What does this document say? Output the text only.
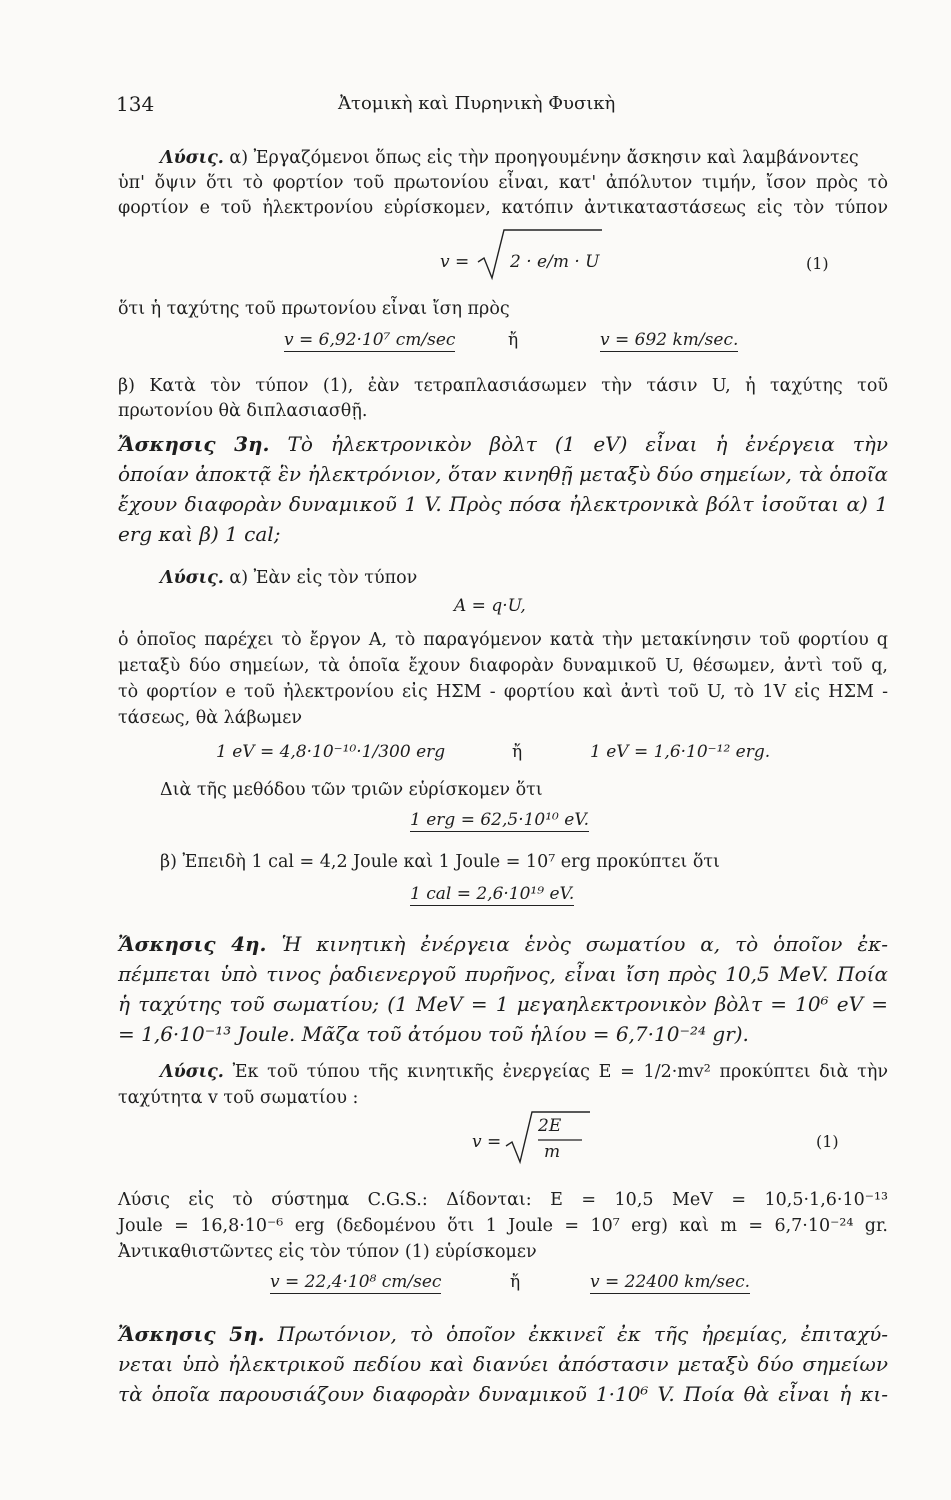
134	Ἀτομικὴ καὶ Πυρηνικὴ Φυσικὴ
Λύσις. α) Ἐργαζόμενοι ὅπως εἰς τὴν προηγουμένην ἄσκησιν καὶ λαμβάνοντες
ὑπ' ὄψιν ὅτι τὸ φορτίον τοῦ πρωτονίου εἶναι, κατ' ἀπόλυτον τιμήν, ἴσον πρὸς τὸ
φορτίον e τοῦ ἠλεκτρονίου εὑρίσκομεν, κατόπιν ἀντικαταστάσεως εἰς τὸν τύπον
v = 2 · e/m · U	(1)
ὅτι ἡ ταχύτης τοῦ πρωτονίου εἶναι ἴση πρὸς
v = 6,92·10⁷ cm/sec	ἤ	v = 692 km/sec.
β) Κατὰ τὸν τύπον (1), ἐὰν τετραπλασιάσωμεν τὴν τάσιν U, ἡ ταχύτης τοῦ
πρωτονίου θὰ διπλασιασθῇ.
Ἄσκησις 3η. Τὸ ἠλεκτρονικὸν βὸλτ (1 eV) εἶναι ἡ ἐνέργεια τὴν
ὁποίαν ἀποκτᾷ ἓν ἠλεκτρόνιον, ὅταν κινηθῇ μεταξὺ δύο σημείων, τὰ ὁποῖα
ἔχουν διαφορὰν δυναμικοῦ 1 V. Πρὸς πόσα ἠλεκτρονικὰ βόλτ ἰσοῦται α) 1
erg καὶ β) 1 cal;
Λύσις. α) Ἐὰν εἰς τὸν τύπον
A = q·U,
ὁ ὁποῖος παρέχει τὸ ἔργον A, τὸ παραγόμενον κατὰ τὴν μετακίνησιν τοῦ φορτίου q
μεταξὺ δύο σημείων, τὰ ὁποῖα ἔχουν διαφορὰν δυναμικοῦ U, θέσωμεν, ἀντὶ τοῦ q,
τὸ φορτίον e τοῦ ἠλεκτρονίου εἰς ΗΣΜ - φορτίου καὶ ἀντὶ τοῦ U, τὸ 1V εἰς ΗΣΜ -
τάσεως, θὰ λάβωμεν
1 eV = 4,8·10⁻¹⁰·1/300 erg	ἤ	1 eV = 1,6·10⁻¹² erg.
Διὰ τῆς μεθόδου τῶν τριῶν εὑρίσκομεν ὅτι
1 erg = 62,5·10¹⁰ eV.
β) Ἐπειδὴ 1 cal = 4,2 Joule καὶ 1 Joule = 10⁷ erg προκύπτει ὅτι
1 cal = 2,6·10¹⁹ eV.
Ἄσκησις 4η. Ἡ κινητικὴ ἐνέργεια ἑνὸς σωματίου α, τὸ ὁποῖον ἐκ-
πέμπεται ὑπὸ τινος ῥαδιενεργοῦ πυρῆνος, εἶναι ἴση πρὸς 10,5 MeV. Ποία
ἡ ταχύτης τοῦ σωματίου; (1 MeV = 1 μεγαηλεκτρονικὸν βὸλτ = 10⁶ eV =
= 1,6·10⁻¹³ Joule. Μᾶζα τοῦ ἀτόμου τοῦ ἡλίου = 6,7·10⁻²⁴ gr).
Λύσις. Ἐκ τοῦ τύπου τῆς κινητικῆς ἐνεργείας E = 1/2·mv² προκύπτει διὰ τὴν
ταχύτητα v τοῦ σωματίου :
v =
2E
m
(1)
Λύσις εἰς τὸ σύστημα C.G.S.: Δίδονται: E = 10,5 MeV = 10,5·1,6·10⁻¹³
Joule = 16,8·10⁻⁶ erg (δεδομένου ὅτι 1 Joule = 10⁷ erg) καὶ m = 6,7·10⁻²⁴ gr.
Ἀντικαθιστῶντες εἰς τὸν τύπον (1) εὑρίσκομεν
v = 22,4·10⁸ cm/sec	ἤ	v = 22400 km/sec.
Ἄσκησις 5η. Πρωτόνιον, τὸ ὁποῖον ἐκκινεῖ ἐκ τῆς ἠρεμίας, ἐπιταχύ-
νεται ὑπὸ ἠλεκτρικοῦ πεδίου καὶ διανύει ἀπόστασιν μεταξὺ δύο σημείων
τὰ ὁποῖα παρουσιάζουν διαφορὰν δυναμικοῦ 1·10⁶ V. Ποία θὰ εἶναι ἡ κι-
